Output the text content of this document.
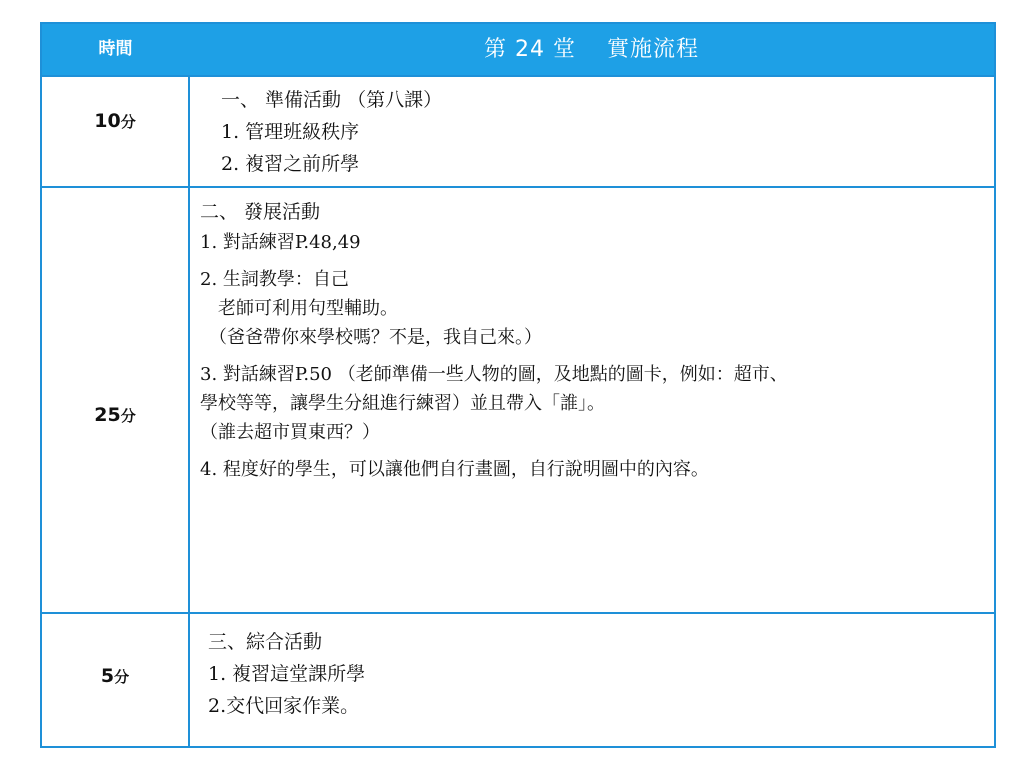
時間	第 24 堂　 實施流程
10分
　一、 準備活動 （第八課）
　1. 管理班級秩序
　2. 複習之前所學
25分
二、 發展活動
1. 對話練習P.48,49
2. 生詞教學：自己
　老師可利用句型輔助。
　（爸爸帶你來學校嗎？不是，我自己來。）
3. 對話練習P.50 （老師準備一些人物的圖，及地點的圖卡，例如：超市、
學校等等，讓學生分組進行練習）並且帶入「誰」。
（誰去超市買東西？）
4. 程度好的學生，可以讓他們自行畫圖，自行說明圖中的內容。
5分
三、綜合活動
1. 複習這堂課所學
2.交代回家作業。
